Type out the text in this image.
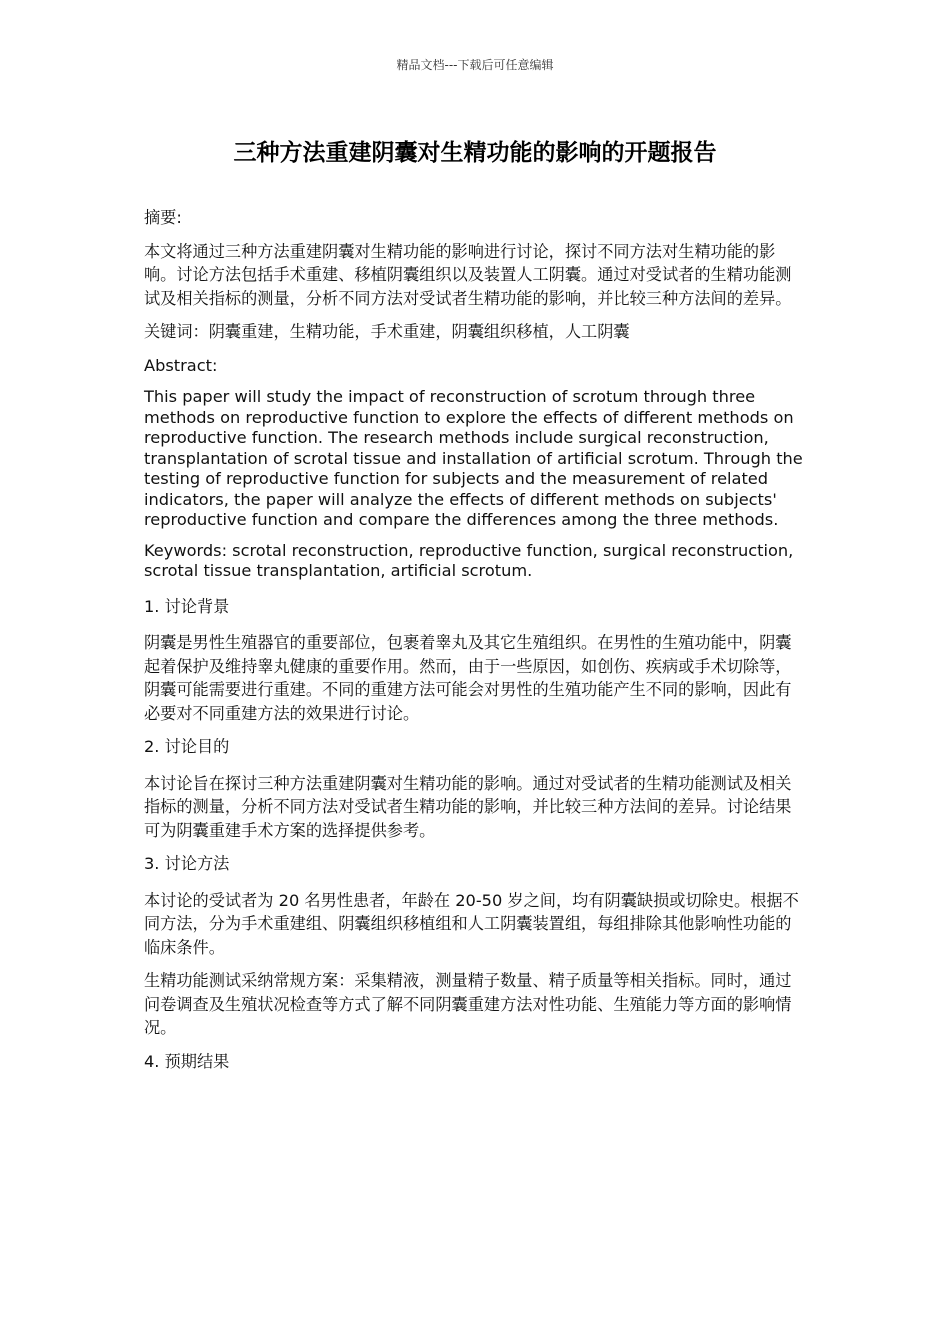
精品文档---下载后可任意编辑
三种方法重建阴囊对生精功能的影响的开题报告

摘要:

本文将通过三种方法重建阴囊对生精功能的影响进行讨论，探讨不同方法对生精功能的影响。讨论方法包括手术重建、移植阴囊组织以及装置人工阴囊。通过对受试者的生精功能测试及相关指标的测量，分析不同方法对受试者生精功能的影响，并比较三种方法间的差异。

关键词：阴囊重建，生精功能，手术重建，阴囊组织移植，人工阴囊

Abstract:

This paper will study the impact of reconstruction of scrotum through three methods on reproductive function to explore the effects of different methods on reproductive function. The research methods include surgical reconstruction, transplantation of scrotal tissue and installation of artificial scrotum. Through the testing of reproductive function for subjects and the measurement of related indicators, the paper will analyze the effects of different methods on subjects' reproductive function and compare the differences among the three methods.

Keywords: scrotal reconstruction, reproductive function, surgical reconstruction, scrotal tissue transplantation, artificial scrotum.

1. 讨论背景

阴囊是男性生殖器官的重要部位，包裹着睾丸及其它生殖组织。在男性的生殖功能中，阴囊起着保护及维持睾丸健康的重要作用。然而，由于一些原因，如创伤、疾病或手术切除等，阴囊可能需要进行重建。不同的重建方法可能会对男性的生殖功能产生不同的影响，因此有必要对不同重建方法的效果进行讨论。

2. 讨论目的

本讨论旨在探讨三种方法重建阴囊对生精功能的影响。通过对受试者的生精功能测试及相关指标的测量，分析不同方法对受试者生精功能的影响，并比较三种方法间的差异。讨论结果可为阴囊重建手术方案的选择提供参考。

3. 讨论方法

本讨论的受试者为 20 名男性患者，年龄在 20-50 岁之间，均有阴囊缺损或切除史。根据不同方法，分为手术重建组、阴囊组织移植组和人工阴囊装置组，每组排除其他影响性功能的临床条件。

生精功能测试采纳常规方案：采集精液，测量精子数量、精子质量等相关指标。同时，通过问卷调查及生殖状况检查等方式了解不同阴囊重建方法对性功能、生殖能力等方面的影响情况。

4. 预期结果
